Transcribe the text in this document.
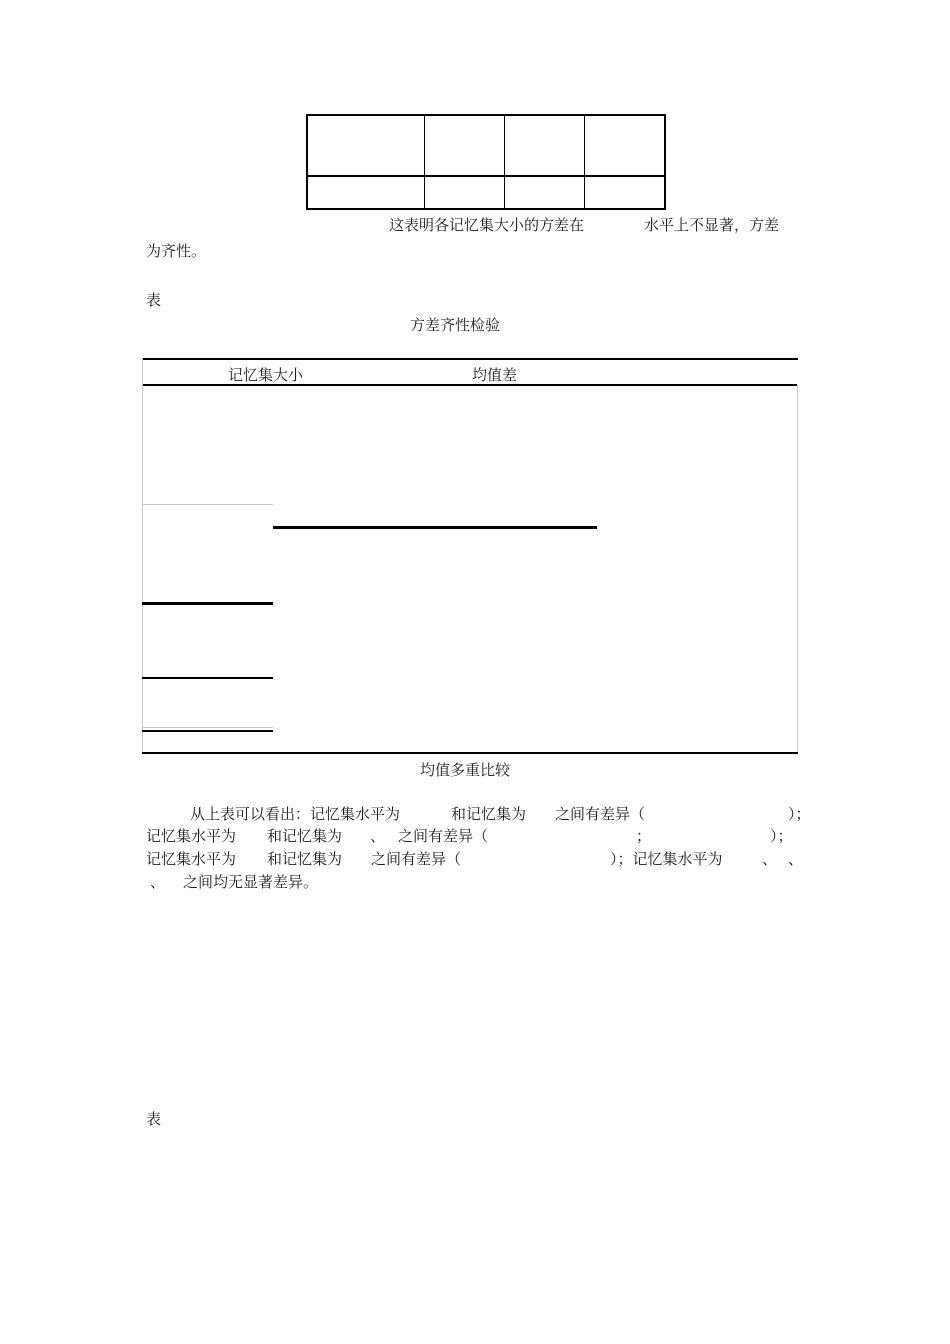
这表明各记忆集大小的方差在	水平上不显著，方差
为齐性。
表
方差齐性检验
记忆集大小	均值差
均值多重比较
从上表可以看出：记忆集水平为	和记忆集为 之间有差异（	）；
记忆集水平为 和记忆集为 、 之间有差异（	；	）；
记忆集水平为 和记忆集为 之间有差异（	）；记忆集水平为	、 、
、 之间均无显著差异。
表
